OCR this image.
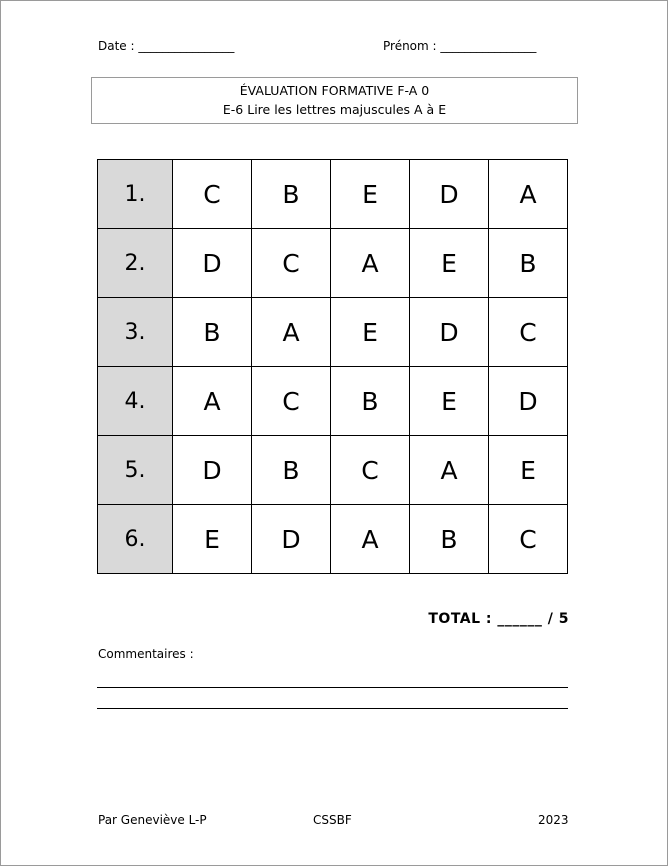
Date : ________________	Prénom : ________________
ÉVALUATION FORMATIVE F-A 0
E-6 Lire les lettres majuscules A à E
1.	C	B	E	D	A
2.	D	C	A	E	B
3.	B	A	E	D	C
4.	A	C	B	E	D
5.	D	B	C	A	E
6.	E	D	A	B	C
TOTAL : ______ / 5
Commentaires :
Par Geneviève L-P	CSSBF	2023
